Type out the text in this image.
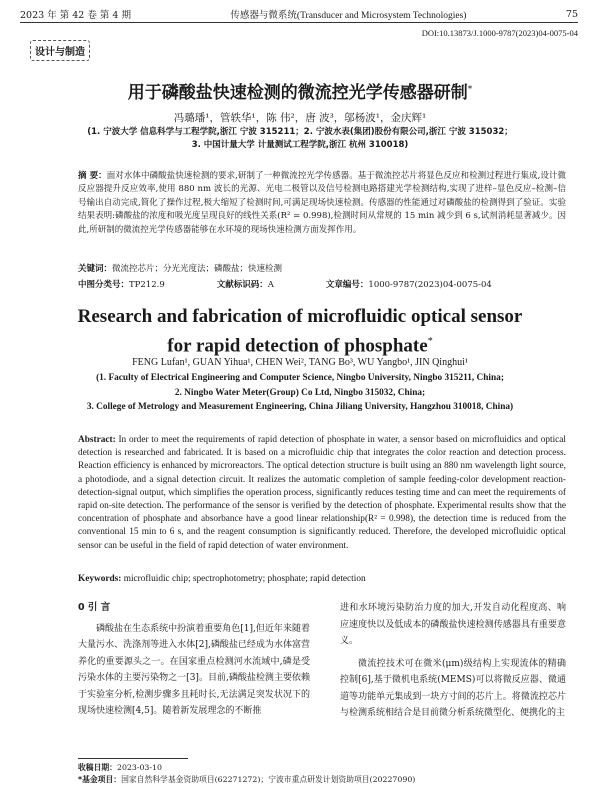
2023 年 第 42 卷 第 4 期	传感器与微系统(Transducer and Microsystem Technologies)	75
DOI:10.13873/J.1000-9787(2023)04-0075-04
设计与制造
用于磷酸盐快速检测的微流控光学传感器研制*
冯璐璠¹，管轶华¹，陈 伟²，唐 波³，邬杨波¹，金庆辉¹
(1. 宁波大学 信息科学与工程学院,浙江 宁波 315211；2. 宁波水表(集团)股份有限公司,浙江 宁波 315032；
3. 中国计量大学 计量测试工程学院,浙江 杭州 310018)
摘 要：面对水体中磷酸盐快速检测的要求,研制了一种微流控光学传感器。基于微流控芯片将显色反应和检测过程进行集成,设计微反应器提升反应效率,使用 880 nm 波长的光源、光电二极管以及信号检测电路搭建光学检测结构,实现了进样–显色反应–检测–信号输出自动完成,简化了操作过程,极大缩短了检测时间,可满足现场快速检测。传感器的性能通过对磷酸盐的检测得到了验证。实验结果表明:磷酸盐的浓度和吸光度呈现良好的线性关系(R² = 0.998),检测时间从常规的 15 min 减少到 6 s,试剂消耗显著减少。因此,所研制的微流控光学传感器能够在水环境的现场快速检测方面发挥作用。
关键词：微流控芯片；分光光度法；磷酸盐；快速检测
中图分类号：TP212.9	文献标识码：A	文章编号：1000-9787(2023)04-0075-04
Research and fabrication of microfluidic optical sensor
for rapid detection of phosphate*
FENG Lufan¹, GUAN Yihua¹, CHEN Wei², TANG Bo³, WU Yangbo¹, JIN Qinghui¹
(1. Faculty of Electrical Engineering and Computer Science, Ningbo University, Ningbo 315211, China;
2. Ningbo Water Meter(Group) Co Ltd, Ningbo 315032, China;
3. College of Metrology and Measurement Engineering, China Jiliang University, Hangzhou 310018, China)
Abstract: In order to meet the requirements of rapid detection of phosphate in water, a sensor based on microfluidics and optical detection is researched and fabricated. It is based on a microfluidic chip that integrates the color reaction and detection process. Reaction efficiency is enhanced by microreactors. The optical detection structure is built using an 880 nm wavelength light source, a photodiode, and a signal detection circuit. It realizes the automatic completion of sample feeding-color development reaction-detection-signal output, which simplifies the operation process, significantly reduces testing time and can meet the requirements of rapid on-site detection. The performance of the sensor is verified by the detection of phosphate. Experimental results show that the concentration of phosphate and absorbance have a good linear relationship(R² = 0.998), the detection time is reduced from the conventional 15 min to 6 s, and the reagent consumption is significantly reduced. Therefore, the developed microfluidic optical sensor can be useful in the field of rapid detection of water environment.
Keywords: microfluidic chip; spectrophotometry; phosphate; rapid detection
0 引 言
磷酸盐在生态系统中扮演着重要角色[1],但近年来随着大量污水、洗涤剂等进入水体[2],磷酸盐已经成为水体富营养化的重要源头之一。在国家重点检测河水流域中,磷是受污染水体的主要污染物之一[3]。目前,磷酸盐检测主要依赖于实验室分析,检测步骤多且耗时长,无法满足突发状况下的现场快速检测[4,5]。随着新发展理念的不断推
进和水环境污染防治力度的加大,开发自动化程度高、响应速度快以及低成本的磷酸盐快速检测传感器具有重要意义。
微流控技术可在微米(μm)级结构上实现流体的精确控制[6],基于微机电系统(MEMS)可以将微反应器、微通道等功能单元集成到一块方寸间的芯片上。将微流控芯片与检测系统相结合是目前微分析系统微型化、便携化的主
收稿日期：2023-03-10
*基金项目：国家自然科学基金资助项目(62271272)；宁波市重点研发计划资助项目(20227090)
